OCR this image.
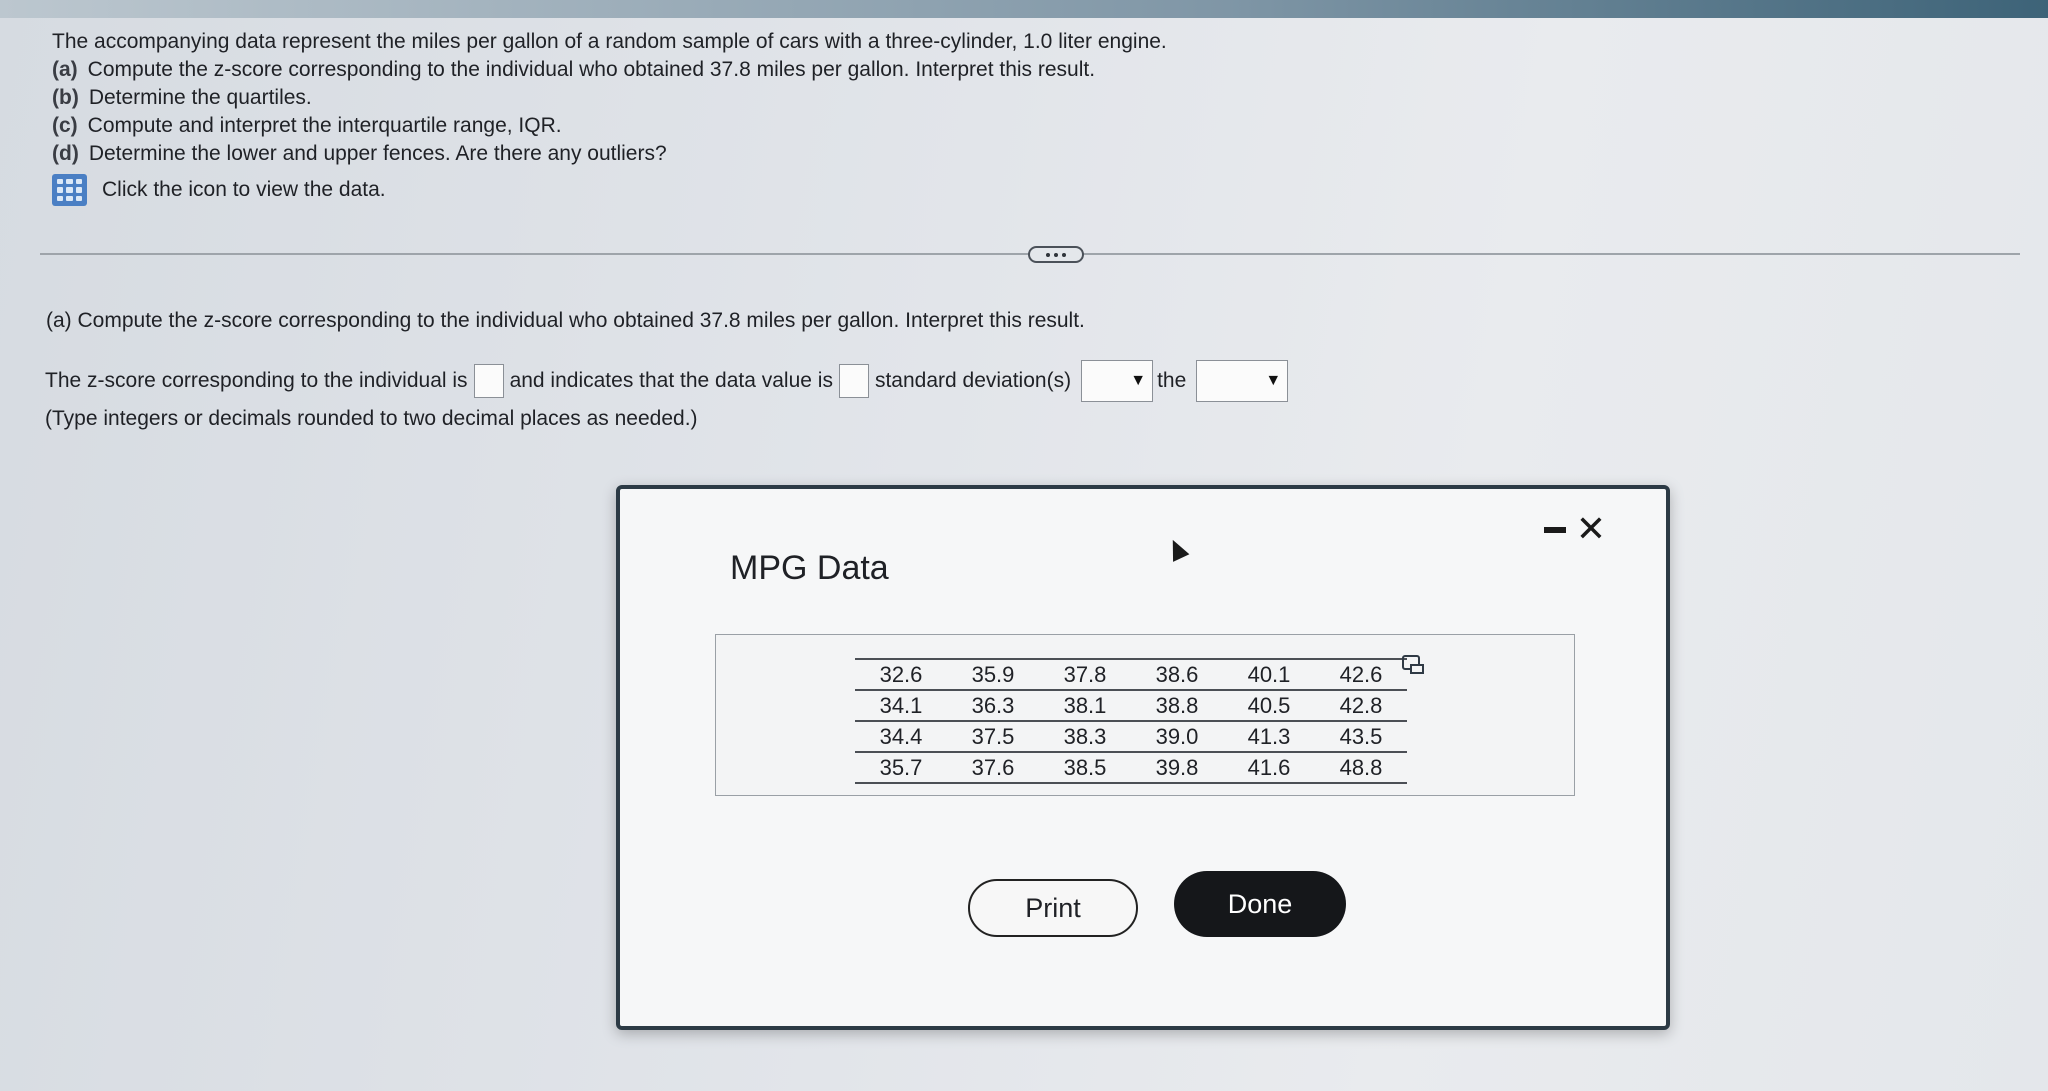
The accompanying data represent the miles per gallon of a random sample of cars with a three-cylinder, 1.0 liter engine.
(a) Compute the z-score corresponding to the individual who obtained 37.8 miles per gallon. Interpret this result.
(b) Determine the quartiles.
(c) Compute and interpret the interquartile range, IQR.
(d) Determine the lower and upper fences. Are there any outliers?
Click the icon to view the data.
(a) Compute the z-score corresponding to the individual who obtained 37.8 miles per gallon. Interpret this result.
The z-score corresponding to the individual is and indicates that the data value is standard deviation(s)	▼ the	▼
(Type integers or decimals rounded to two decimal places as needed.)
MPG Data
✕
32.6	35.9	37.8	38.6	40.1	42.6
34.1	36.3	38.1	38.8	40.5	42.8
34.4	37.5	38.3	39.0	41.3	43.5
35.7	37.6	38.5	39.8	41.6	48.8
Print	Done
